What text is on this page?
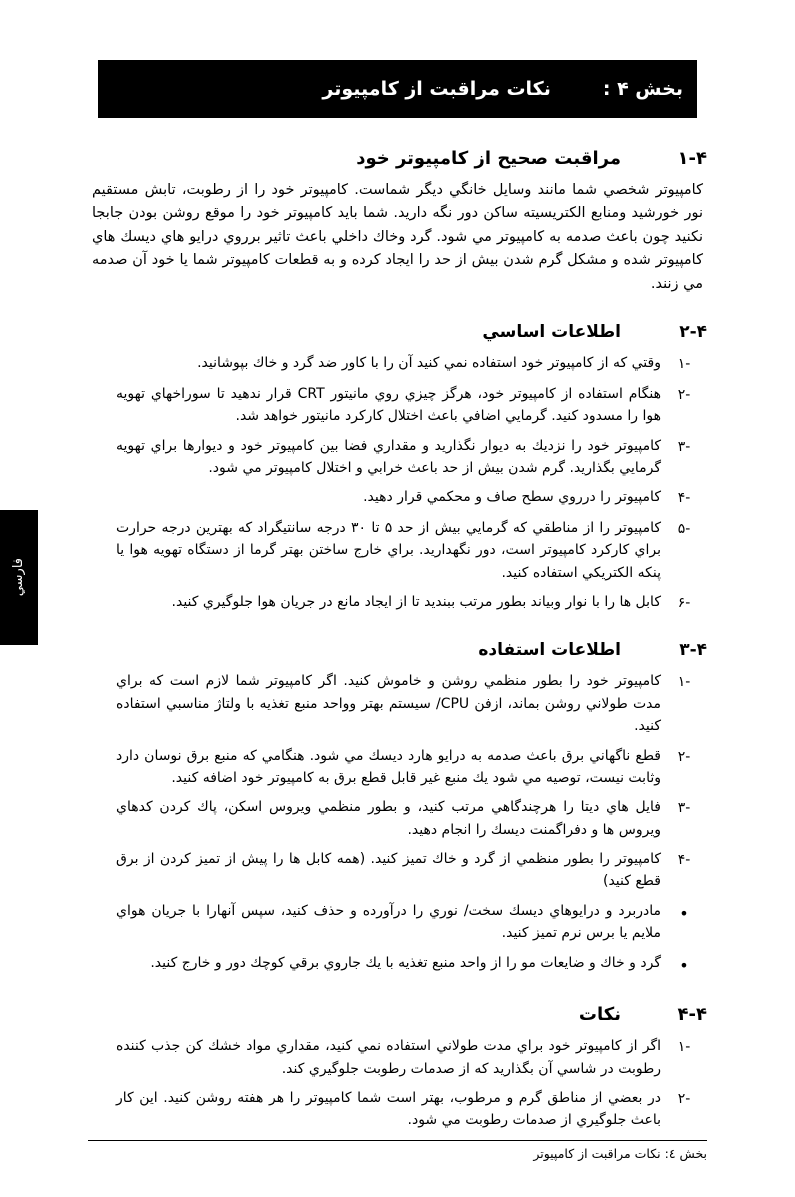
فارسي
بخش ۴ :
نكات مراقبت از كامپيوتر
۱-۴
مراقبت صحيح از كامپيوتر خود

كامپيوتر شخصي شما مانند وسايل خانگي ديگر شماست. كامپيوتر خود را از رطوبت، تابش مستقيم نور خورشيد ومنابع الكتريسيته ساكن دور نگه داريد. شما بايد كامپيوتر خود را موقع روشن بودن جابجا نكنيد چون باعث صدمه به كامپيوتر مي شود. گرد وخاك داخلي باعث تاثير برروي درايو هاي ديسك هاي كامپيوتر شده و مشكل گرم شدن بيش از حد را ايجاد كرده و به قطعات كامپيوتر شما يا خود آن صدمه مي زنند.

۲-۴
اطلاعات اساسي
-۱
وقتي كه از كامپيوتر خود استفاده نمي كنيد آن را با كاور ضد گرد و خاك بپوشانيد.
-۲
هنگام استفاده از كامپيوتر خود، هرگز چيزي روي مانيتور CRT قرار ندهيد تا سوراخهاي تهويه هوا را مسدود كنيد. گرمايي اضافي باعث اختلال كاركرد مانيتور خواهد شد.
-۳
كامپيوتر خود را نزديك به ديوار نگذاريد و مقداري فضا بين كامپيوتر خود و ديوارها براي تهويه گرمايي بگذاريد. گرم شدن بيش از حد باعث خرابي و اختلال كامپيوتر مي شود.
-۴
كامپيوتر را درروي سطح صاف و محكمي قرار دهيد.
-۵
كامپيوتر را از مناطقي كه گرمايي بيش از حد ۵ تا ۳۰ درجه سانتيگراد كه بهترين درجه حرارت براي كاركرد كامپيوتر است، دور نگهداريد. براي خارج ساختن بهتر گرما از دستگاه تهويه هوا يا پنكه الكتريكي استفاده كنيد.
-۶
كابل ها را با نوار وبياند بطور مرتب ببنديد تا از ايجاد مانع در جريان هوا جلوگيري كنيد.
۳-۴
اطلاعات استفاده
-۱
كامپيوتر خود را بطور منظمي روشن و خاموش كنيد. اگر كامپيوتر شما لازم است كه براي مدت طولاني روشن بماند، ازفن CPU/ سيستم بهتر وواحد منبع تغذيه با ولتاژ مناسبي استفاده كنيد.
-۲
قطع ناگهاني برق باعث صدمه به درايو هارد ديسك مي شود. هنگامي كه منبع برق نوسان دارد وثابت نيست، توصيه مي شود يك منبع غير قابل قطع برق به كامپيوتر خود اضافه كنيد.
-۳
فايل هاي ديتا را هرچندگاهي مرتب كنيد، و بطور منظمي ويروس اسكن، پاك كردن كدهاي ويروس ها و دفراگمنت ديسك را انجام دهيد.
-۴
كامپيوتر را بطور منظمي از گرد و خاك تميز كنيد. (همه كابل ها را پيش از تميز كردن از برق قطع كنيد)
•
مادربرد و درايوهاي ديسك سخت/ نوري را درآورده و حذف كنيد، سپس آنهارا با جريان هواي ملايم يا برس نرم تميز كنيد.
•
گرد و خاك و ضايعات مو را از واحد منبع تغذيه با يك جاروي برقي كوچك دور و خارج كنيد.
۴-۴
نكات
-۱
اگر از كامپيوتر خود براي مدت طولاني استفاده نمي كنيد، مقداري مواد خشك كن جذب كننده رطوبت در شاسي آن بگذاريد كه از صدمات رطوبت جلوگيري كند.
-۲
در بعضي از مناطق گرم و مرطوب، بهتر است شما كامپيوتر را هر هفته روشن كنيد. اين كار باعث جلوگيري از صدمات رطوبت مي شود.
بخش ٤: نكات مراقبت از كامپيوتر
